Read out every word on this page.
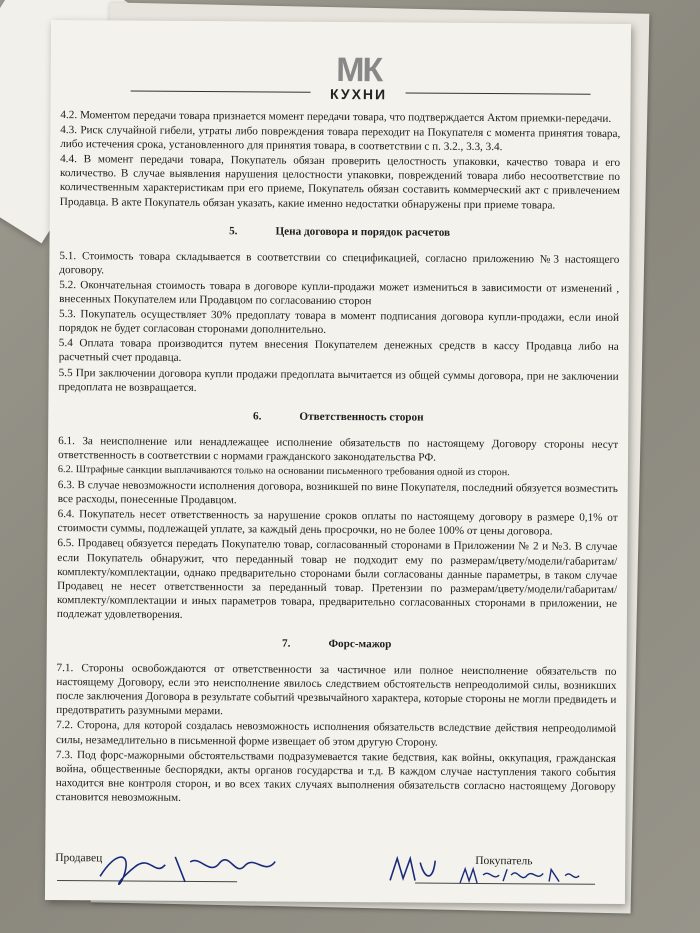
МК
КУХНИ

4.2. Моментом передачи товара признается момент передачи товара, что подтверждается Актом приемки-передачи.

4.3. Риск случайной гибели, утраты либо повреждения товара переходит на Покупателя с момента принятия товара, либо истечения срока, установленного для принятия товара, в соответствии с п. 3.2., 3.3, 3.4.

4.4. В момент передачи товара, Покупатель обязан проверить целостность упаковки, качество товара и его количество. В случае выявления нарушения целостности упаковки, повреждений товара либо несоответствие по количественным характеристикам при его приеме, Покупатель обязан составить коммерческий акт с привлечением Продавца. В акте Покупатель обязан указать, какие именно недостатки обнаружены при приеме товара.

5.	Цена договора и порядок расчетов

5.1. Стоимость товара складывается в соответствии со спецификацией, согласно приложению №3 настоящего договору.

5.2. Окончательная стоимость товара в договоре купли-продажи может измениться в зависимости от изменений , внесенных Покупателем или Продавцом по согласованию сторон

5.3. Покупатель осуществляет 30% предоплату товара в момент подписания договора купли-продажи, если иной порядок не будет согласован сторонами дополнительно.

5.4 Оплата товара производится путем внесения Покупателем денежных средств в кассу Продавца либо на расчетный счет продавца.

5.5 При заключении договора купли продажи предоплата вычитается из общей суммы договора, при не заключении предоплата не возвращается.

6.	Ответственность сторон

6.1. За неисполнение или ненадлежащее исполнение обязательств по настоящему Договору стороны несут ответственность в соответствии с нормами гражданского законодательства РФ.

6.2. Штрафные санкции выплачиваются только на основании письменного требования одной из сторон.

6.3. В случае невозможности исполнения договора, возникшей по вине Покупателя, последний обязуется возместить все расходы, понесенные Продавцом.

6.4. Покупатель несет ответственность за нарушение сроков оплаты по настоящему договору в размере 0,1% от стоимости суммы, подлежащей уплате, за каждый день просрочки, но не более 100% от цены договора.

6.5. Продавец обязуется передать Покупателю товар, согласованный сторонами в Приложении № 2 и №3. В случае если Покупатель обнаружит, что переданный товар не подходит ему по размерам/цвету/модели/габаритам/комплекту/комплектации, однако предварительно сторонами были согласованы данные параметры, в таком случае Продавец не несет ответственности за переданный товар. Претензии по размерам/цвету/модели/габаритам/ комплекту/комплектации и иных параметров товара, предварительно согласованных сторонами в приложении, не подлежат удовлетворения.

7.	Форс-мажор

7.1. Стороны освобождаются от ответственности за частичное или полное неисполнение обязательств по настоящему Договору, если это неисполнение явилось следствием обстоятельств непреодолимой силы, возникших после заключения Договора в результате событий чрезвычайного характера, которые стороны не могли предвидеть и предотвратить разумными мерами.

7.2. Сторона, для которой создалась невозможность исполнения обязательств вследствие действия непреодолимой силы, незамедлительно в письменной форме извещает об этом другую Сторону.

7.3. Под форс-мажорными обстоятельствами подразумевается такие бедствия, как войны, оккупация, гражданская война, общественные беспорядки, акты органов государства и т.д. В каждом случае наступления такого события находится вне контроля сторон, и во всех таких случаях выполнения обязательств согласно настоящему Договору становится невозможным.

Продавец	Покупатель
